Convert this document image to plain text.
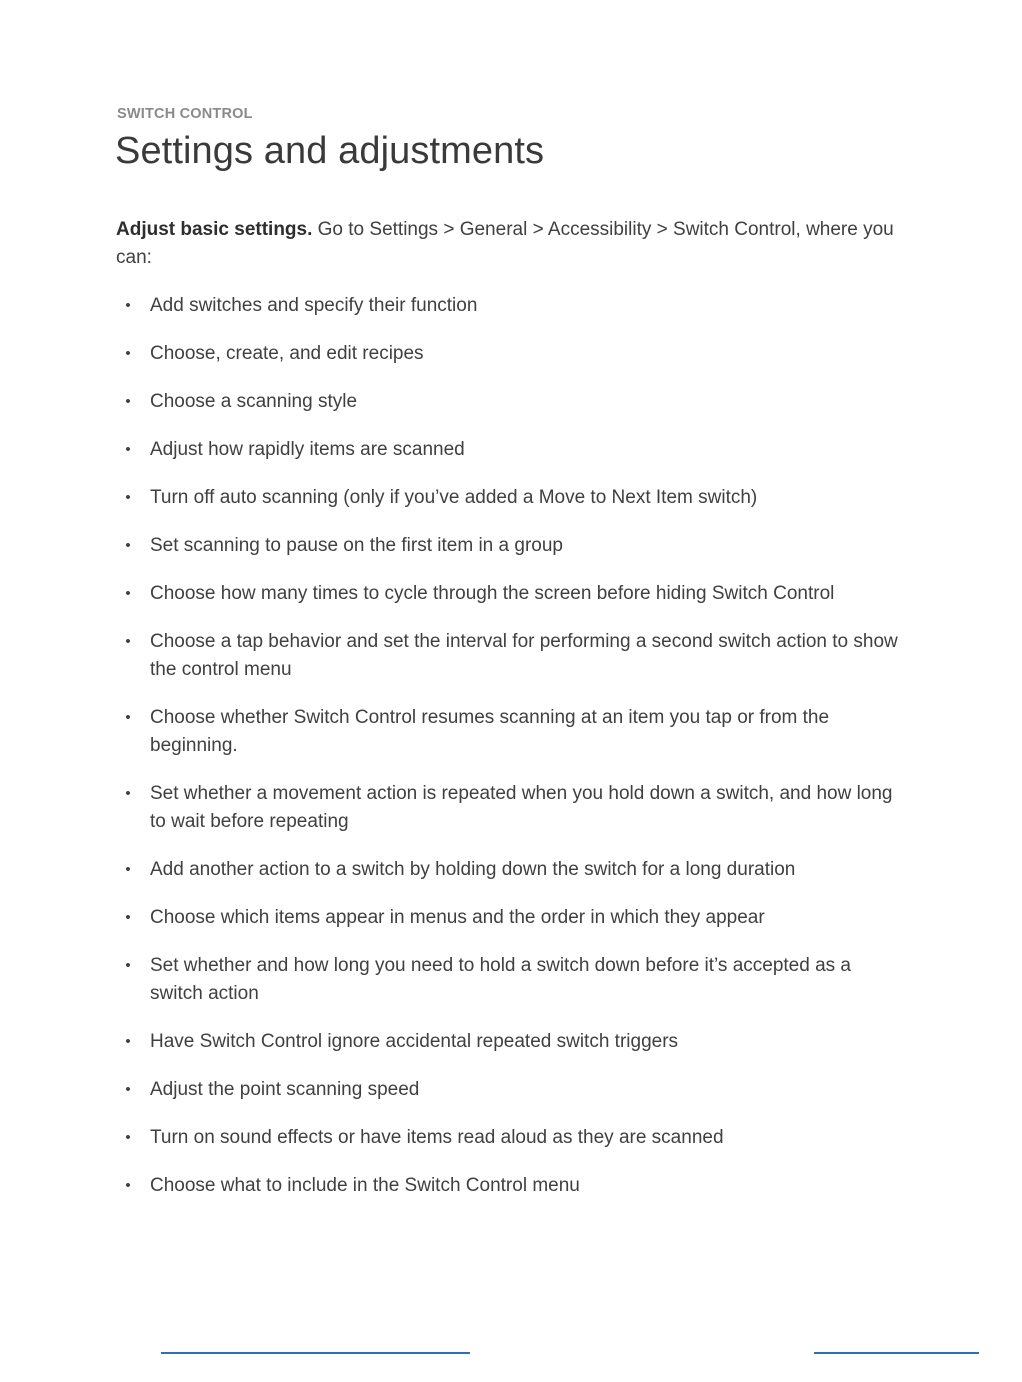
SWITCH CONTROL
Settings and adjustments

Adjust basic settings. Go to Settings > General > Accessibility > Switch Control, where you can:

• Add switches and specify their function
• Choose, create, and edit recipes
• Choose a scanning style
• Adjust how rapidly items are scanned
• Turn off auto scanning (only if you’ve added a Move to Next Item switch)
• Set scanning to pause on the first item in a group
• Choose how many times to cycle through the screen before hiding Switch Control
• Choose a tap behavior and set the interval for performing a second switch action to show the control menu
• Choose whether Switch Control resumes scanning at an item you tap or from the beginning.
• Set whether a movement action is repeated when you hold down a switch, and how long to wait before repeating
• Add another action to a switch by holding down the switch for a long duration
• Choose which items appear in menus and the order in which they appear
• Set whether and how long you need to hold a switch down before it’s accepted as a switch action
• Have Switch Control ignore accidental repeated switch triggers
• Adjust the point scanning speed
• Turn on sound effects or have items read aloud as they are scanned
• Choose what to include in the Switch Control menu
